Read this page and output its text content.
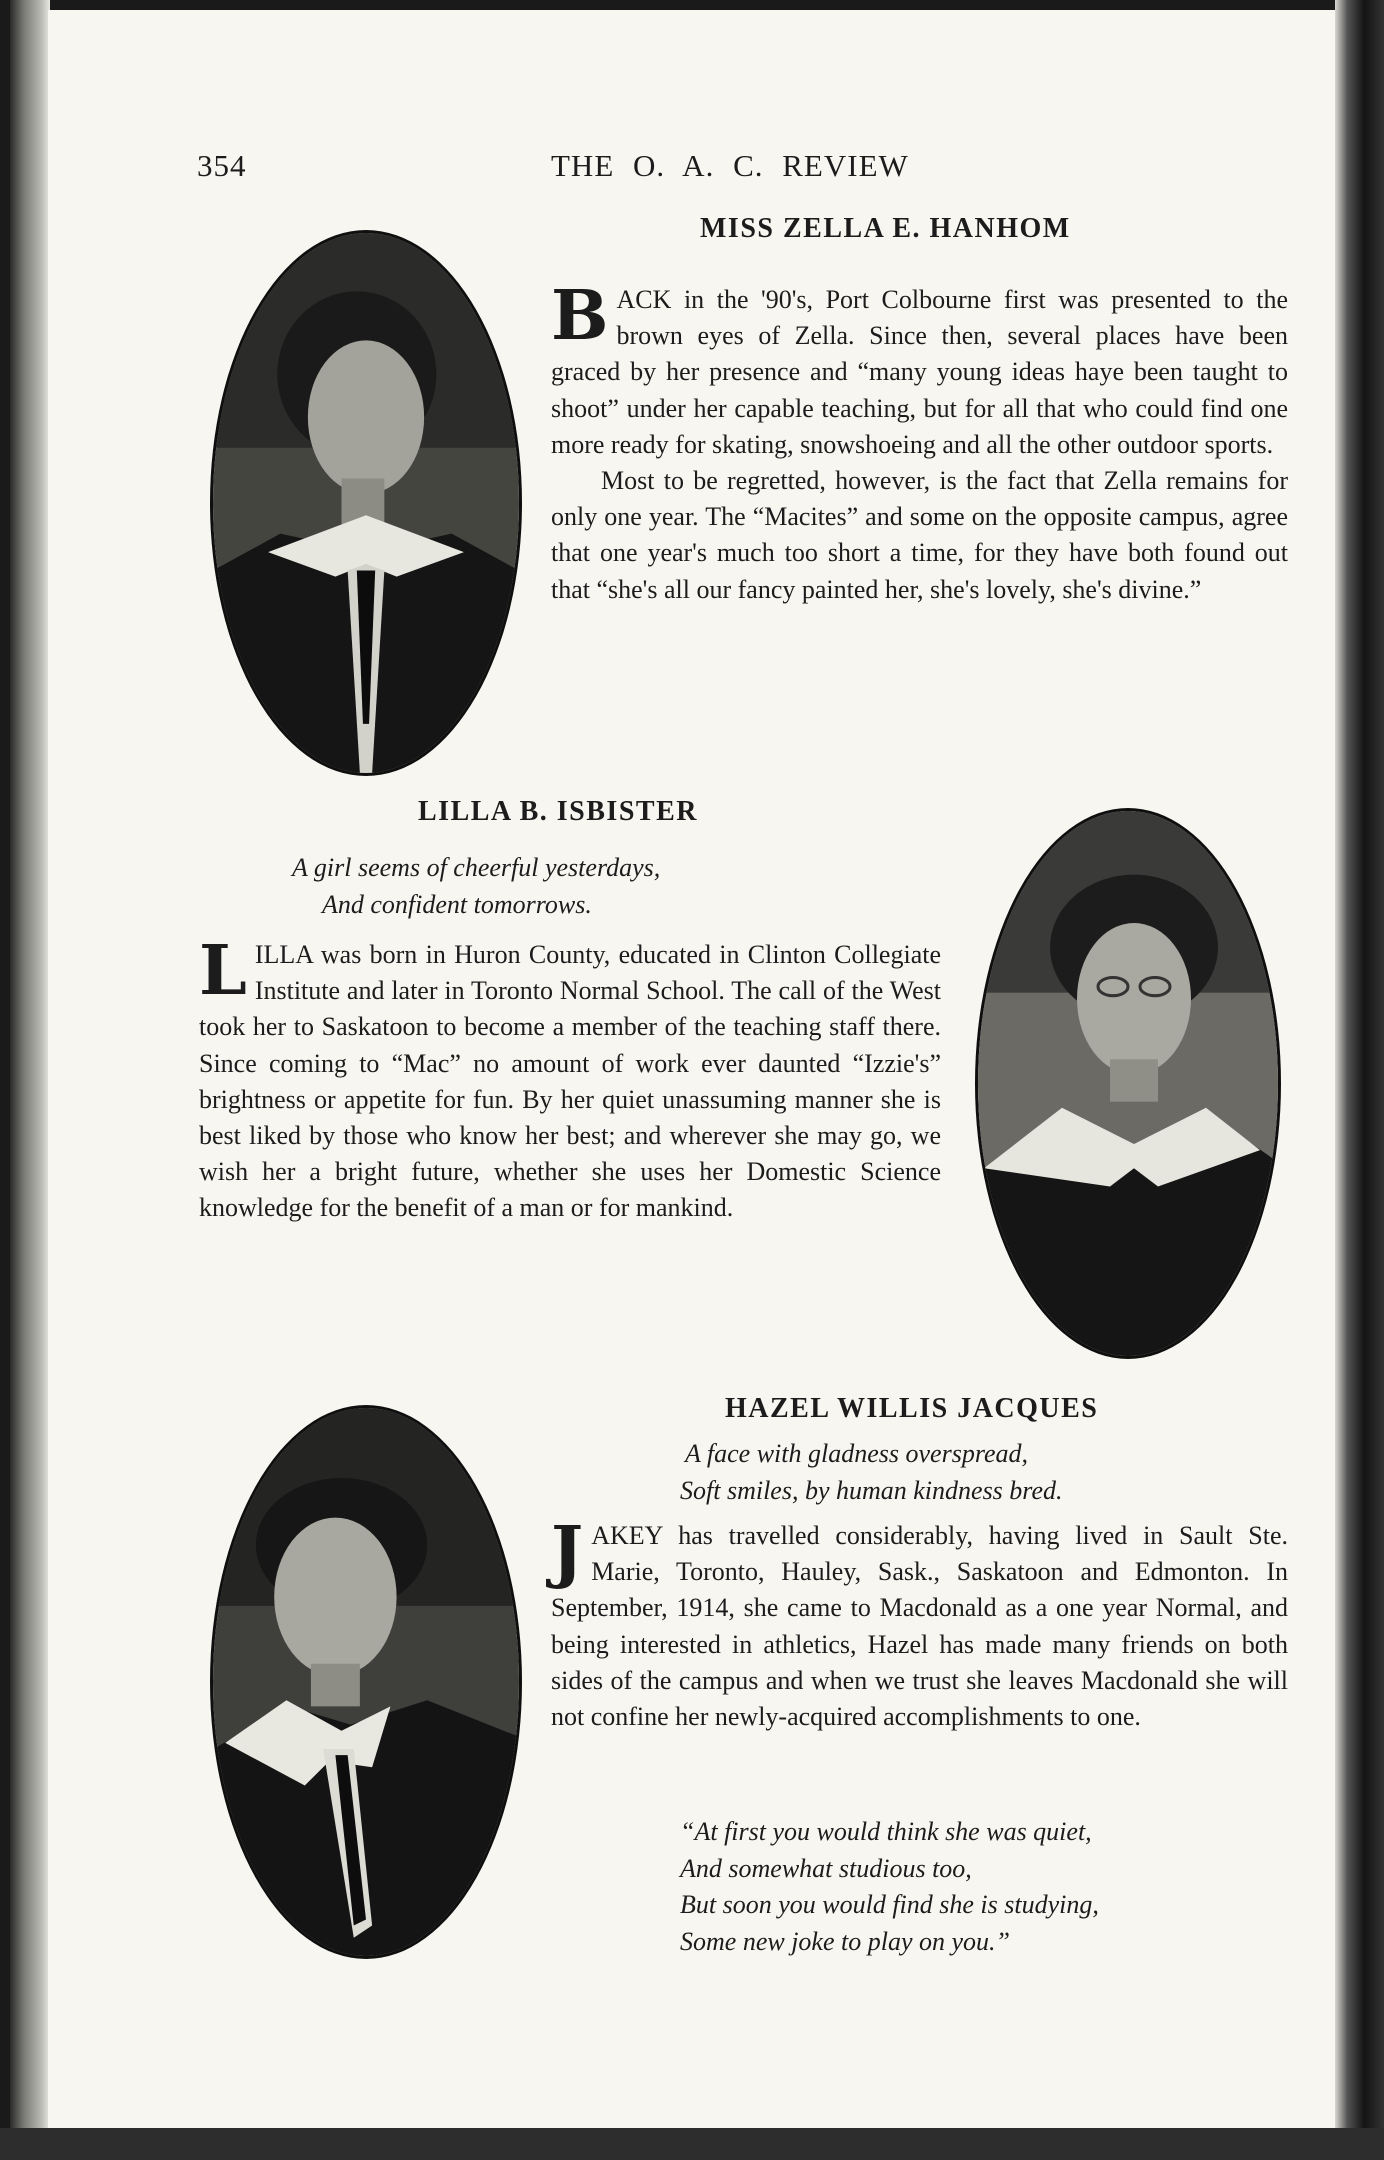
354	THE O. A. C. REVIEW
MISS ZELLA E. HANHOM
BACK in the '90's, Port Colbourne first was presented to the brown eyes of Zella. Since then, several places have been graced by her presence and “many young ideas haye been taught to shoot” under her capable teaching, but for all that who could find one more ready for skating, snowshoeing and all the other outdoor sports.
Most to be regretted, however, is the fact that Zella remains for only one year. The “Macites” and some on the opposite campus, agree that one year's much too short a time, for they have both found out that “she's all our fancy painted her, she's lovely, she's divine.”
LILLA B. ISBISTER
A girl seems of cheerful yesterdays,
And confident tomorrows.
LILLA was born in Huron County, educated in Clinton Collegiate Institute and later in Toronto Normal School. The call of the West took her to Saskatoon to become a member of the teaching staff there. Since coming to “Mac” no amount of work ever daunted “Izzie's” brightness or appetite for fun. By her quiet unassuming manner she is best liked by those who know her best; and wherever she may go, we wish her a bright future, whether she uses her Domestic Science knowledge for the benefit of a man or for mankind.
HAZEL WILLIS JACQUES
A face with gladness overspread,
Soft smiles, by human kindness bred.
JAKEY has travelled considerably, having lived in Sault Ste. Marie, Toronto, Hauley, Sask., Saskatoon and Edmonton. In September, 1914, she came to Macdonald as a one year Normal, and being interested in athletics, Hazel has made many friends on both sides of the campus and when we trust she leaves Macdonald she will not confine her newly-acquired accomplishments to one.
“At first you would think she was quiet,
And somewhat studious too,
But soon you would find she is studying,
Some new joke to play on you.”
